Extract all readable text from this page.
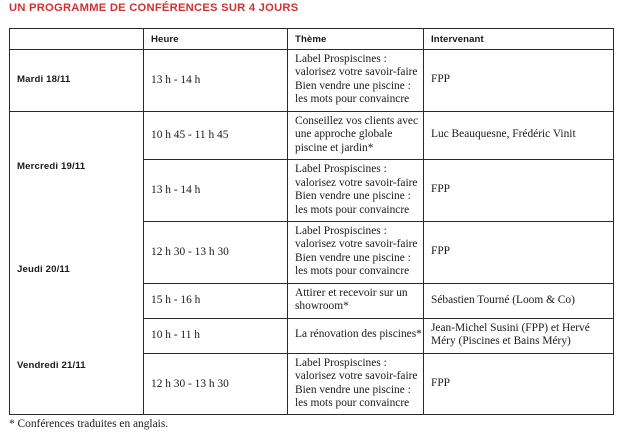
UN PROGRAMME DE CONFÉRENCES SUR 4 JOURS
	Heure	Thème	Intervenant
Mardi 18/11	13 h - 14 h	Label Prospiscines :
valorisez votre savoir-faire
Bien vendre une piscine :
les mots pour convaincre	FPP

Mercredi 19/11	10 h 45 - 11 h 45	Conseillez vos clients avec
une approche globale
piscine et jardin*	Luc Beauquesne, Frédéric Vinit

	13 h - 14 h	Label Prospiscines :
valorisez votre savoir-faire
Bien vendre une piscine :
les mots pour convaincre	FPP

Jeudi 20/11	12 h 30 - 13 h 30	Label Prospiscines :
valorisez votre savoir-faire
Bien vendre une piscine :
les mots pour convaincre	FPP

	15 h - 16 h	Attirer et recevoir sur un
showroom*	Sébastien Tourné (Loom & Co)

Vendredi 21/11	10 h - 11 h	La rénovation des piscines*	Jean-Michel Susini (FPP) et Hervé
Méry (Piscines et Bains Méry)

	12 h 30 - 13 h 30	Label Prospiscines :
valorisez votre savoir-faire
Bien vendre une piscine :
les mots pour convaincre	FPP
* Conférences traduites en anglais.
